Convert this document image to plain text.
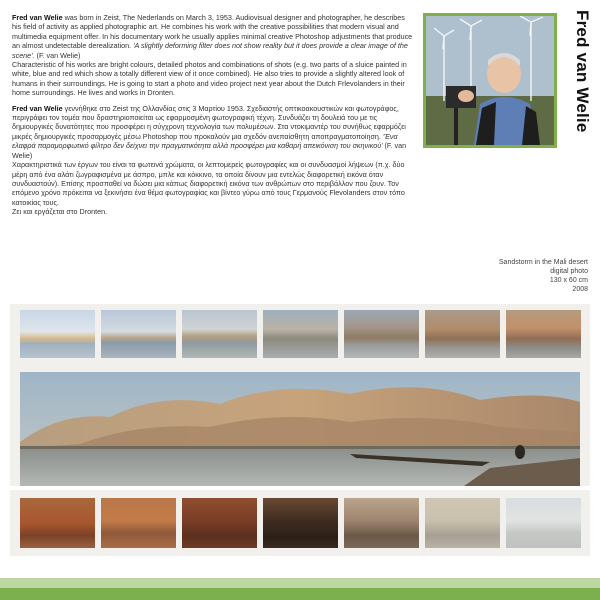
Fred van Welie was born in Zeist, The Nederlands on March 3, 1953. Audiovisual designer and photographer, he describes his field of activity as applied photographic art. He combines his work with the creative possibilities that modern visual and multimedia equipment offer. In his documentary work he usually applies minimal creative Photoshop adjustments that produce an almost undetectable derealization. 'A slightly deforming filter does not show reality but it does provide a clear image of the scene'. (F. van Welie)
Characteristic of his works are bright colours, detailed photos and combinations of shots (e.g. two parts of a sluice painted in white, blue and red which show a totally different view of it once combined). He also tries to provide a slightly altered look of humans in their surroundings. He is going to start a photo and video project next year about the Dutch Frlevolanders in their home surroundings. He lives and works in Dronten.

Fred van Welie γεννήθηκε στο Zeist της Ολλανδίας στις 3 Μαρτίου 1953. Σχεδιαστής οπτικοακουστικών και φωτογράφος, περιγράφει τον τομέα που δραστηριοποιείται ως εφαρμοσμένη φωτογραφική τέχνη. Συνδυάζει τη δουλειά του με τις δημιουργικές δυνατότητες που προσφέρει η σύγχρονη τεχνολογία των πολυμέσων. Στα ντοκιμαντέρ του συνήθως εφαρμόζει μικρές δημιουργικές προσαρμογές μέσω Photoshop που προκαλούν μια σχεδόν ανεπαίσθητη αποπραγματοποίηση. 'Ένα ελαφρά παραμορφωτικό φίλτρο δεν δείχνει την πραγματικότητα αλλά προσφέρει μια καθαρή απεικόνιση του σκηνικού' (F. van Welie)
Χαρακτηριστικά των έργων του είναι τα φωτεινά χρώματα, οι λεπτομερείς φωτογραφίες και οι συνδυασμοί λήψεων (π.χ. δύο μέρη από ένα αλάτι ζωγραφισμένα με άσπρο, μπλε και κόκκινο, τα οποία δίνουν μια εντελώς διαφορετική εικόνα όταν συνδυαστούν). Επίσης προσπαθεί να δώσει μια κάπως διαφορετική εικόνα των ανθρώπων στο περιβάλλον που ζουν. Τον επόμενο χρόνο πρόκειται να ξεκινήσει ένα θέμα φωτογραφίας και βίντεο γύρω από τους Γερμανούς Flevolanders στον τόπο κατοικίας τους.
Ζει και εργάζεται στο Dronten.

Fred van Welie
Sandstorm in the Mali desert
digital photo
130 x 60 cm
2008
